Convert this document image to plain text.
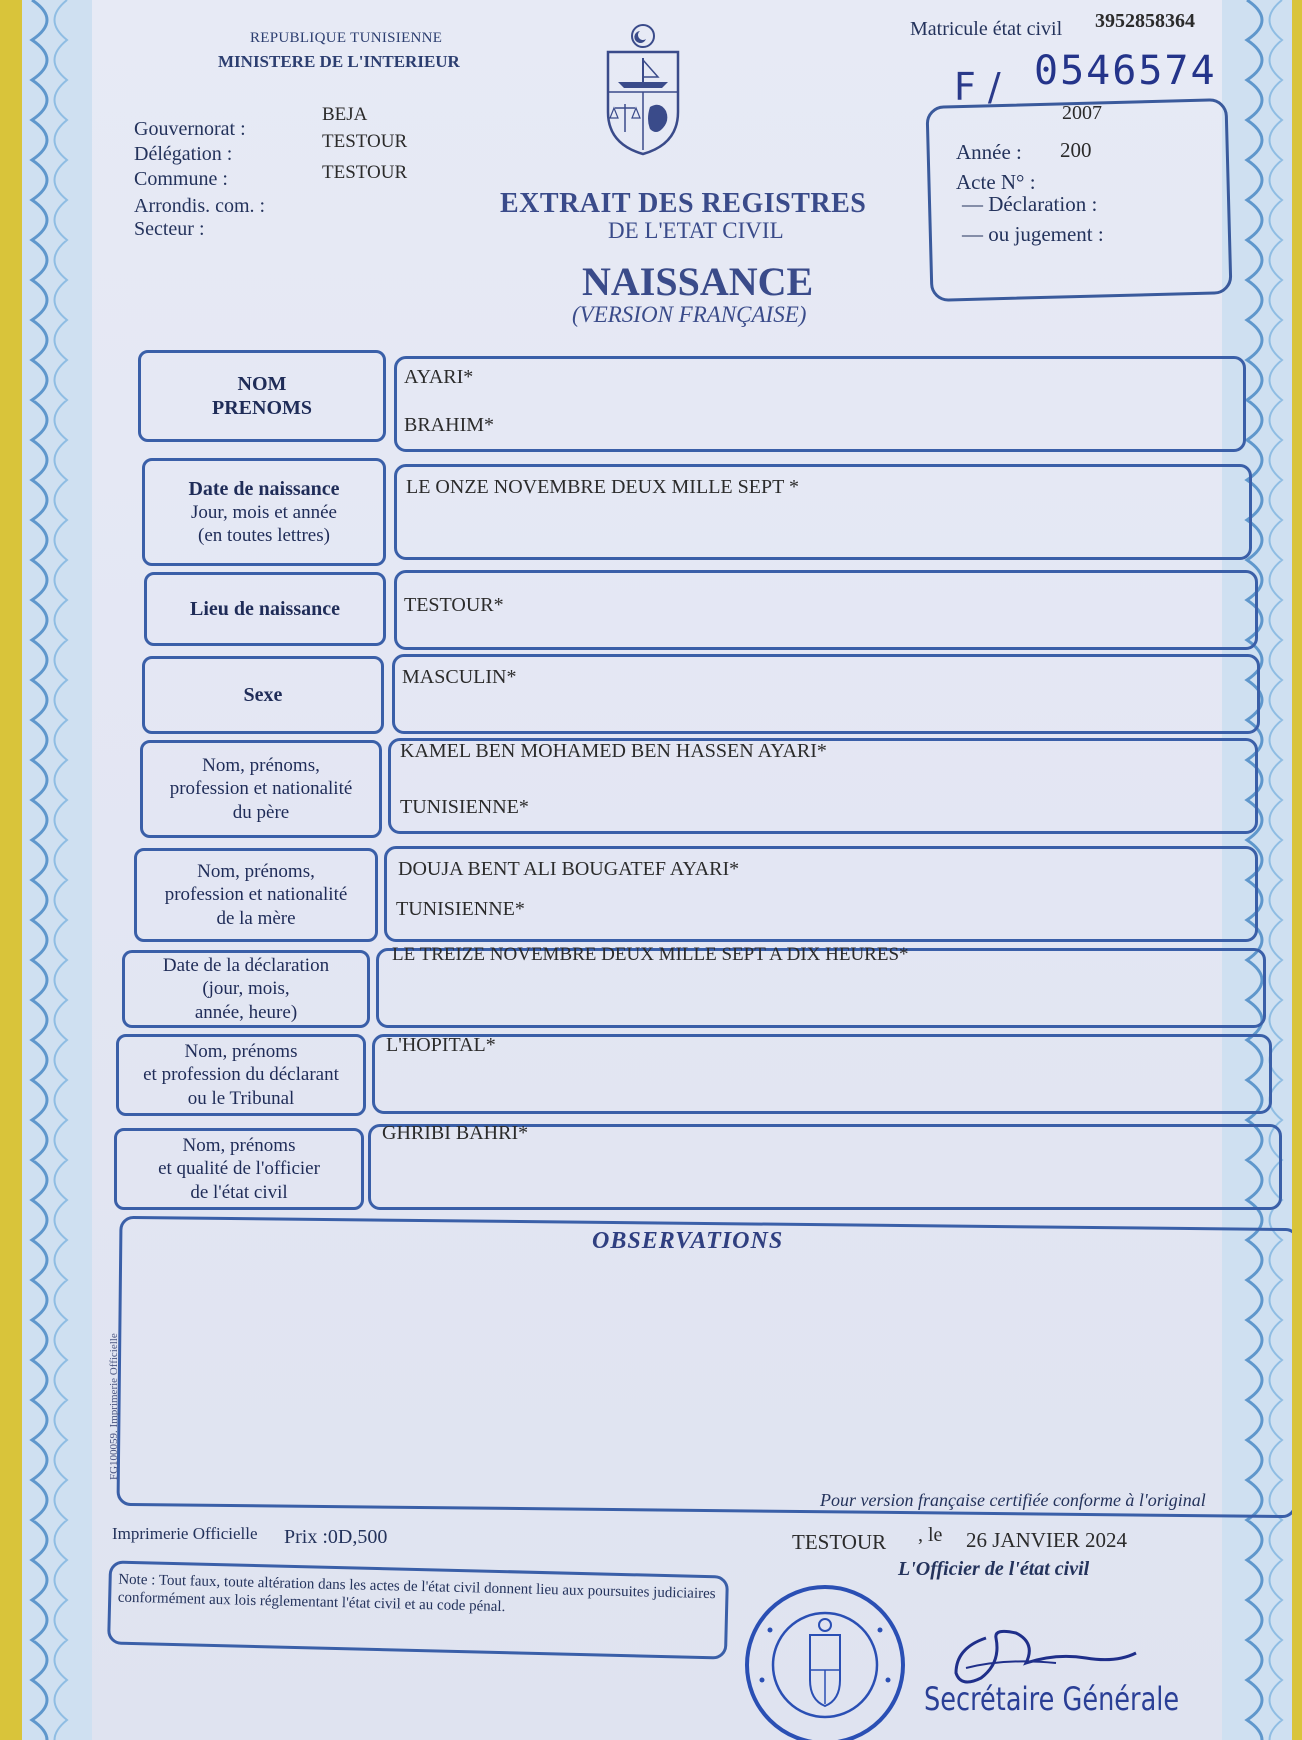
REPUBLIQUE TUNISIENNE
MINISTERE DE L'INTERIEUR
Gouvernorat :
BEJA
Délégation :
TESTOUR
Commune :	TESTOUR
Arrondis. com. :
Secteur :
Matricule état civil 3952858364
F / 0546574
2007
Année : 200
Acte N° :
— Déclaration :
— ou jugement :
EXTRAIT DES REGISTRES
DE L'ETAT CIVIL
NAISSANCE
(VERSION FRANÇAISE)
NOM
PRENOMS
AYARI*
BRAHIM*
Date de naissance
Jour, mois et année
(en toutes lettres)
LE ONZE NOVEMBRE DEUX MILLE SEPT *
Lieu de naissance	TESTOUR*
Sexe
MASCULIN*
Nom, prénoms,
profession et nationalité
du père
KAMEL BEN MOHAMED BEN HASSEN AYARI*
TUNISIENNE*
Nom, prénoms,
profession et nationalité
de la mère
DOUJA BENT ALI BOUGATEF AYARI*
TUNISIENNE*
Date de la déclaration
(jour, mois,
année, heure)
LE TREIZE NOVEMBRE DEUX MILLE SEPT A DIX HEURES*
Nom, prénoms
et profession du déclarant
ou le Tribunal
L'HOPITAL*
Nom, prénoms
et qualité de l'officier
de l'état civil
GHRIBI BAHRI*
OBSERVATIONS
FG100059. Imprimerie Officielle
Imprimerie Officielle Prix :0D,500
Pour version française certifiée conforme à l'original
TESTOUR , le 26 JANVIER 2024
L'Officier de l'état civil
Note : Tout faux, toute altération dans les actes de l'état civil donnent lieu aux poursuites judiciaires conformément aux lois réglementant l'état civil et au code pénal.
Secrétaire Générale
